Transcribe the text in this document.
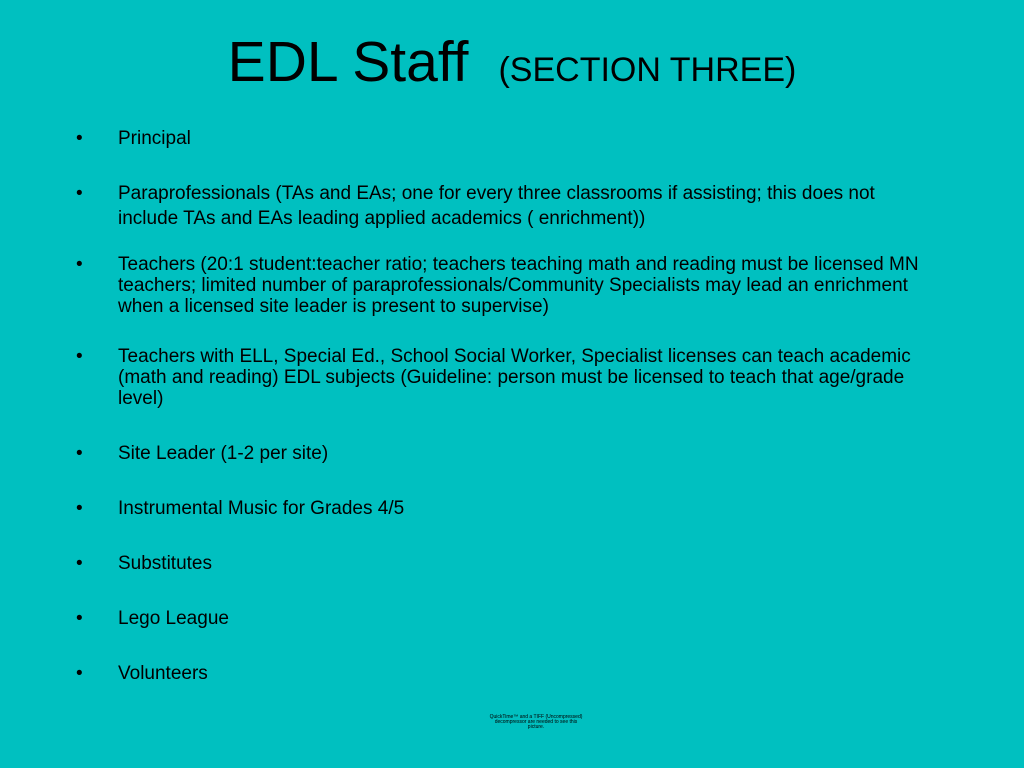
EDL Staff (SECTION THREE)
• Principal
• Paraprofessionals (TAs and EAs; one for every three classrooms if assisting; this does not include TAs and EAs leading applied academics ( enrichment))
• Teachers (20:1 student:teacher ratio; teachers teaching math and reading must be licensed MN teachers; limited number of paraprofessionals/Community Specialists may lead an enrichment when a licensed site leader is present to supervise)
• Teachers with ELL, Special Ed., School Social Worker, Specialist licenses can teach academic (math and reading) EDL subjects (Guideline: person must be licensed to teach that age/grade level)
• Site Leader (1-2 per site)
• Instrumental Music for Grades 4/5
• Substitutes
• Lego League
• Volunteers
QuickTime™ and a TIFF (Uncompressed) decompressor are needed to see this picture.
